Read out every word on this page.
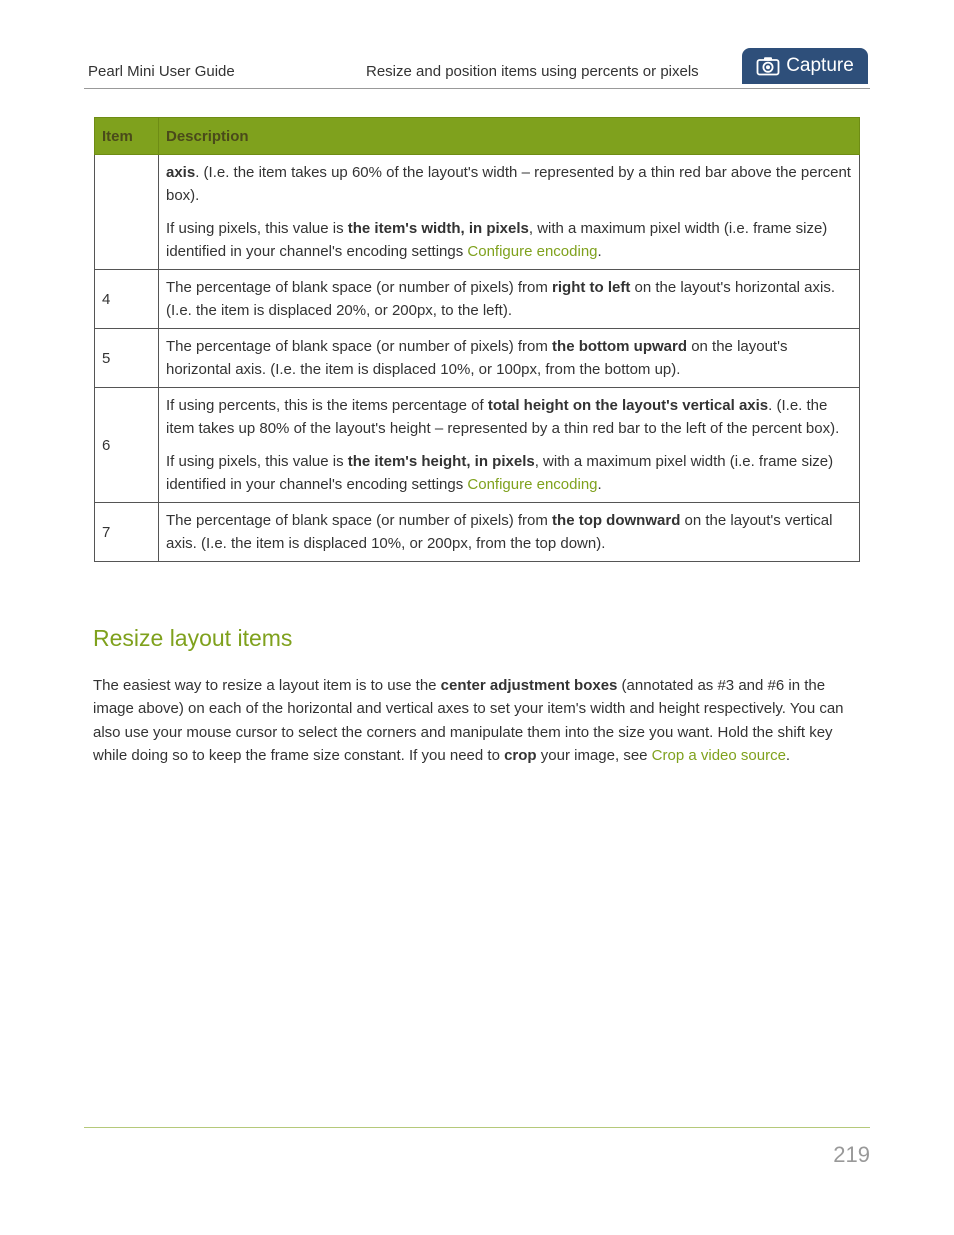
Pearl Mini User Guide	Resize and position items using percents or pixels	Capture
Item	Description

	axis. (I.e. the item takes up 60% of the layout's width – represented by a thin red bar above the percent box).

If using pixels, this value is the item's width, in pixels, with a maximum pixel width (i.e. frame size) identified in your channel's encoding settings Configure encoding.

4	The percentage of blank space (or number of pixels) from right to left on the layout's horizontal axis. (I.e. the item is displaced 20%, or 200px, to the left).

5	The percentage of blank space (or number of pixels) from the bottom upward on the layout's horizontal axis. (I.e. the item is displaced 10%, or 100px, from the bottom up).

6	If using percents, this is the items percentage of total height on the layout's vertical axis. (I.e. the item takes up 80% of the layout's height – represented by a thin red bar to the left of the percent box).

If using pixels, this value is the item's height, in pixels, with a maximum pixel width (i.e. frame size) identified in your channel's encoding settings Configure encoding.

7	The percentage of blank space (or number of pixels) from the top downward on the layout's vertical axis. (I.e. the item is displaced 10%, or 200px, from the top down).

Resize layout items

The easiest way to resize a layout item is to use the center adjustment boxes (annotated as #3 and #6 in the image above) on each of the horizontal and vertical axes to set your item's width and height respectively. You can also use your mouse cursor to select the corners and manipulate them into the size you want. Hold the shift key while doing so to keep the frame size constant. If you need to crop your image, see Crop a video source.

219
